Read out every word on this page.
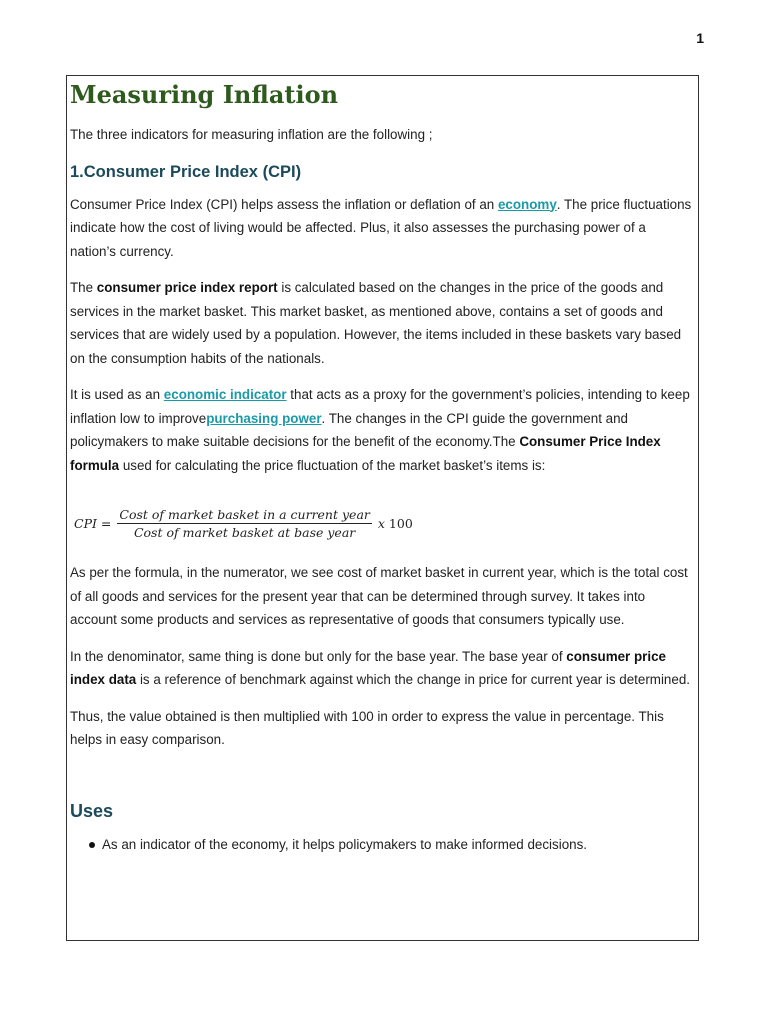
1
Measuring Inflation

The three indicators for measuring inflation are the following ;

1.Consumer Price Index (CPI)

Consumer Price Index (CPI) helps assess the inflation or deflation of an economy. The price fluctuations indicate how the cost of living would be affected. Plus, it also assesses the purchasing power of a nation’s currency.

The consumer price index report is calculated based on the changes in the price of the goods and services in the market basket. This market basket, as mentioned above, contains a set of goods and services that are widely used by a population. However, the items included in these baskets vary based on the consumption habits of the nationals.

It is used as an economic indicator that acts as a proxy for the government’s policies, intending to keep inflation low to improvepurchasing power. The changes in the CPI guide the government and policymakers to make suitable decisions for the benefit of the economy.The Consumer Price Index formula used for calculating the price fluctuation of the market basket’s items is:

CPI = $\frac{\text{Cost of market basket in a current year}}{\text{Cost of market basket at base year}}$ x 100

As per the formula, in the numerator, we see cost of market basket in current year, which is the total cost of all goods and services for the present year that can be determined through survey. It takes into account some products and services as representative of goods that consumers typically use.

In the denominator, same thing is done but only for the base year. The base year of consumer price index data is a reference of benchmark against which the change in price for current year is determined.

Thus, the value obtained is then multiplied with 100 in order to express the value in percentage. This helps in easy comparison.

Uses
As an indicator of the economy, it helps policymakers to make informed decisions.
